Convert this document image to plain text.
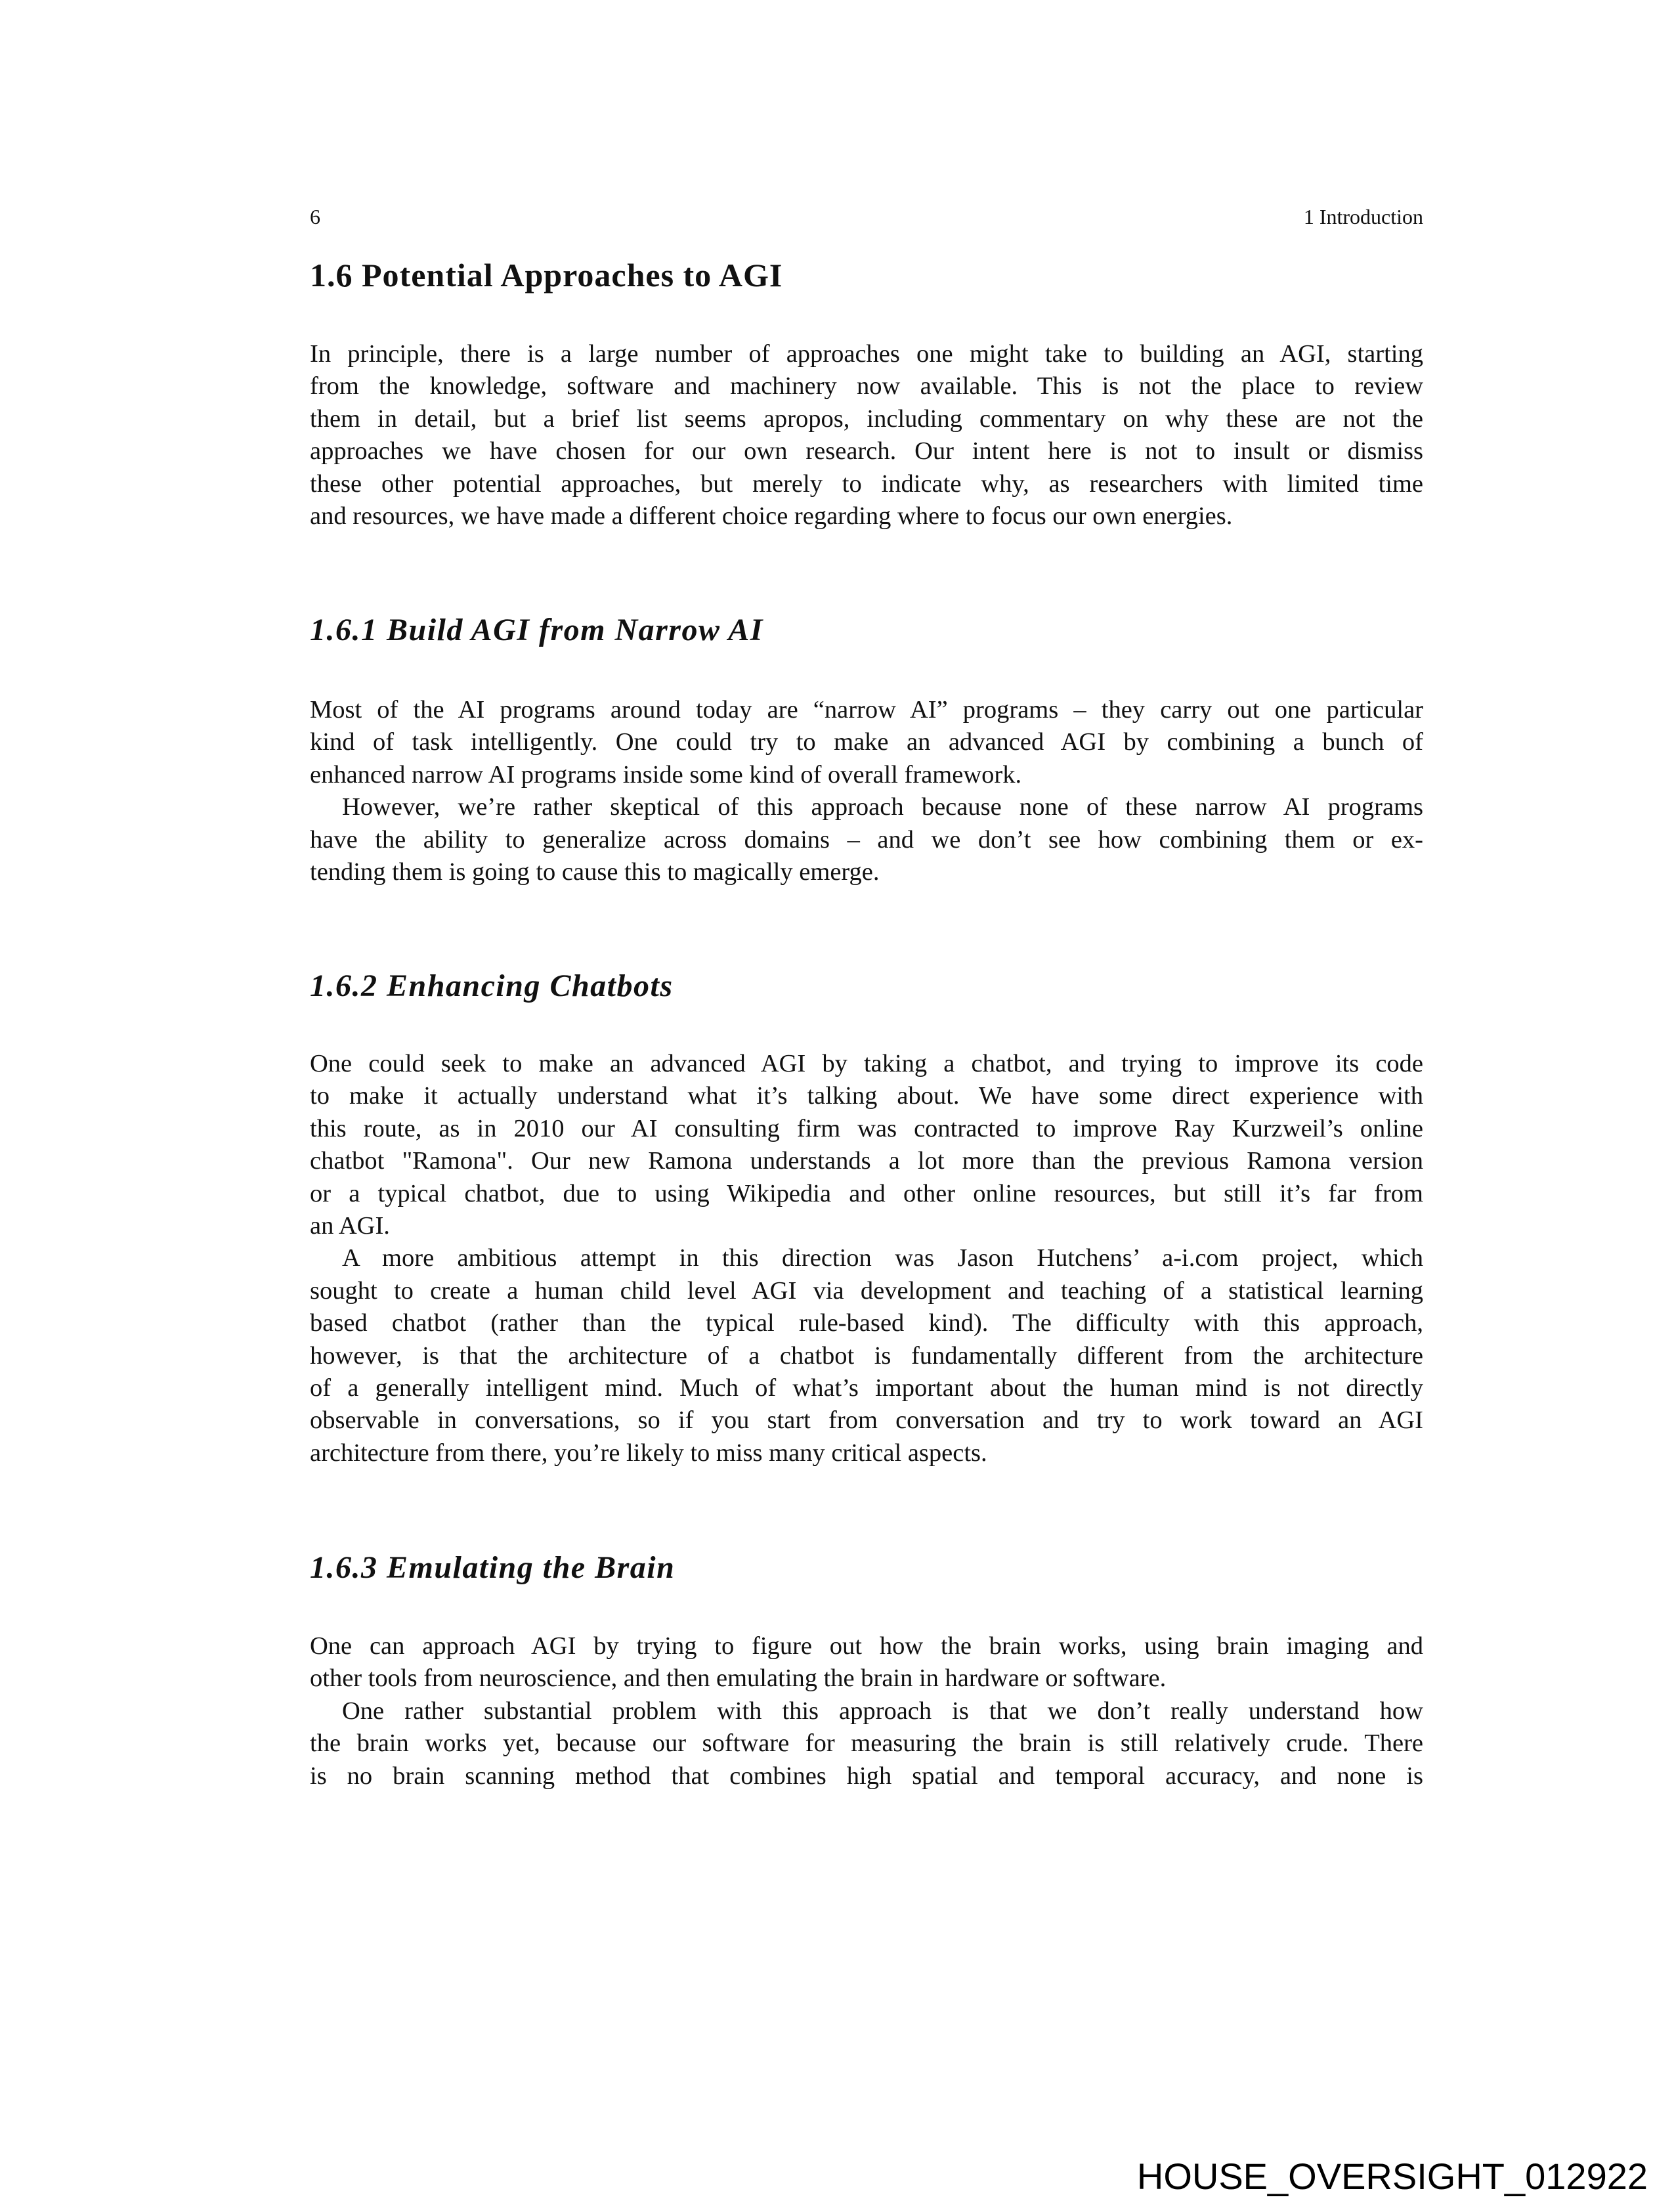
6	1 Introduction
1.6 Potential Approaches to AGI
In principle, there is a large number of approaches one might take to building an AGI, starting
from the knowledge, software and machinery now available. This is not the place to review
them in detail, but a brief list seems apropos, including commentary on why these are not the
approaches we have chosen for our own research. Our intent here is not to insult or dismiss
these other potential approaches, but merely to indicate why, as researchers with limited time
and resources, we have made a different choice regarding where to focus our own energies.
1.6.1 Build AGI from Narrow AI
Most of the AI programs around today are “narrow AI” programs – they carry out one particular
kind of task intelligently. One could try to make an advanced AGI by combining a bunch of
enhanced narrow AI programs inside some kind of overall framework.
However, we’re rather skeptical of this approach because none of these narrow AI programs
have the ability to generalize across domains – and we don’t see how combining them or ex-
tending them is going to cause this to magically emerge.
1.6.2 Enhancing Chatbots
One could seek to make an advanced AGI by taking a chatbot, and trying to improve its code
to make it actually understand what it’s talking about. We have some direct experience with
this route, as in 2010 our AI consulting firm was contracted to improve Ray Kurzweil’s online
chatbot "Ramona". Our new Ramona understands a lot more than the previous Ramona version
or a typical chatbot, due to using Wikipedia and other online resources, but still it’s far from
an AGI.
A more ambitious attempt in this direction was Jason Hutchens’ a-i.com project, which
sought to create a human child level AGI via development and teaching of a statistical learning
based chatbot (rather than the typical rule-based kind). The difficulty with this approach,
however, is that the architecture of a chatbot is fundamentally different from the architecture
of a generally intelligent mind. Much of what’s important about the human mind is not directly
observable in conversations, so if you start from conversation and try to work toward an AGI
architecture from there, you’re likely to miss many critical aspects.
1.6.3 Emulating the Brain
One can approach AGI by trying to figure out how the brain works, using brain imaging and
other tools from neuroscience, and then emulating the brain in hardware or software.
One rather substantial problem with this approach is that we don’t really understand how
the brain works yet, because our software for measuring the brain is still relatively crude. There
is no brain scanning method that combines high spatial and temporal accuracy, and none is
HOUSE_OVERSIGHT_012922
